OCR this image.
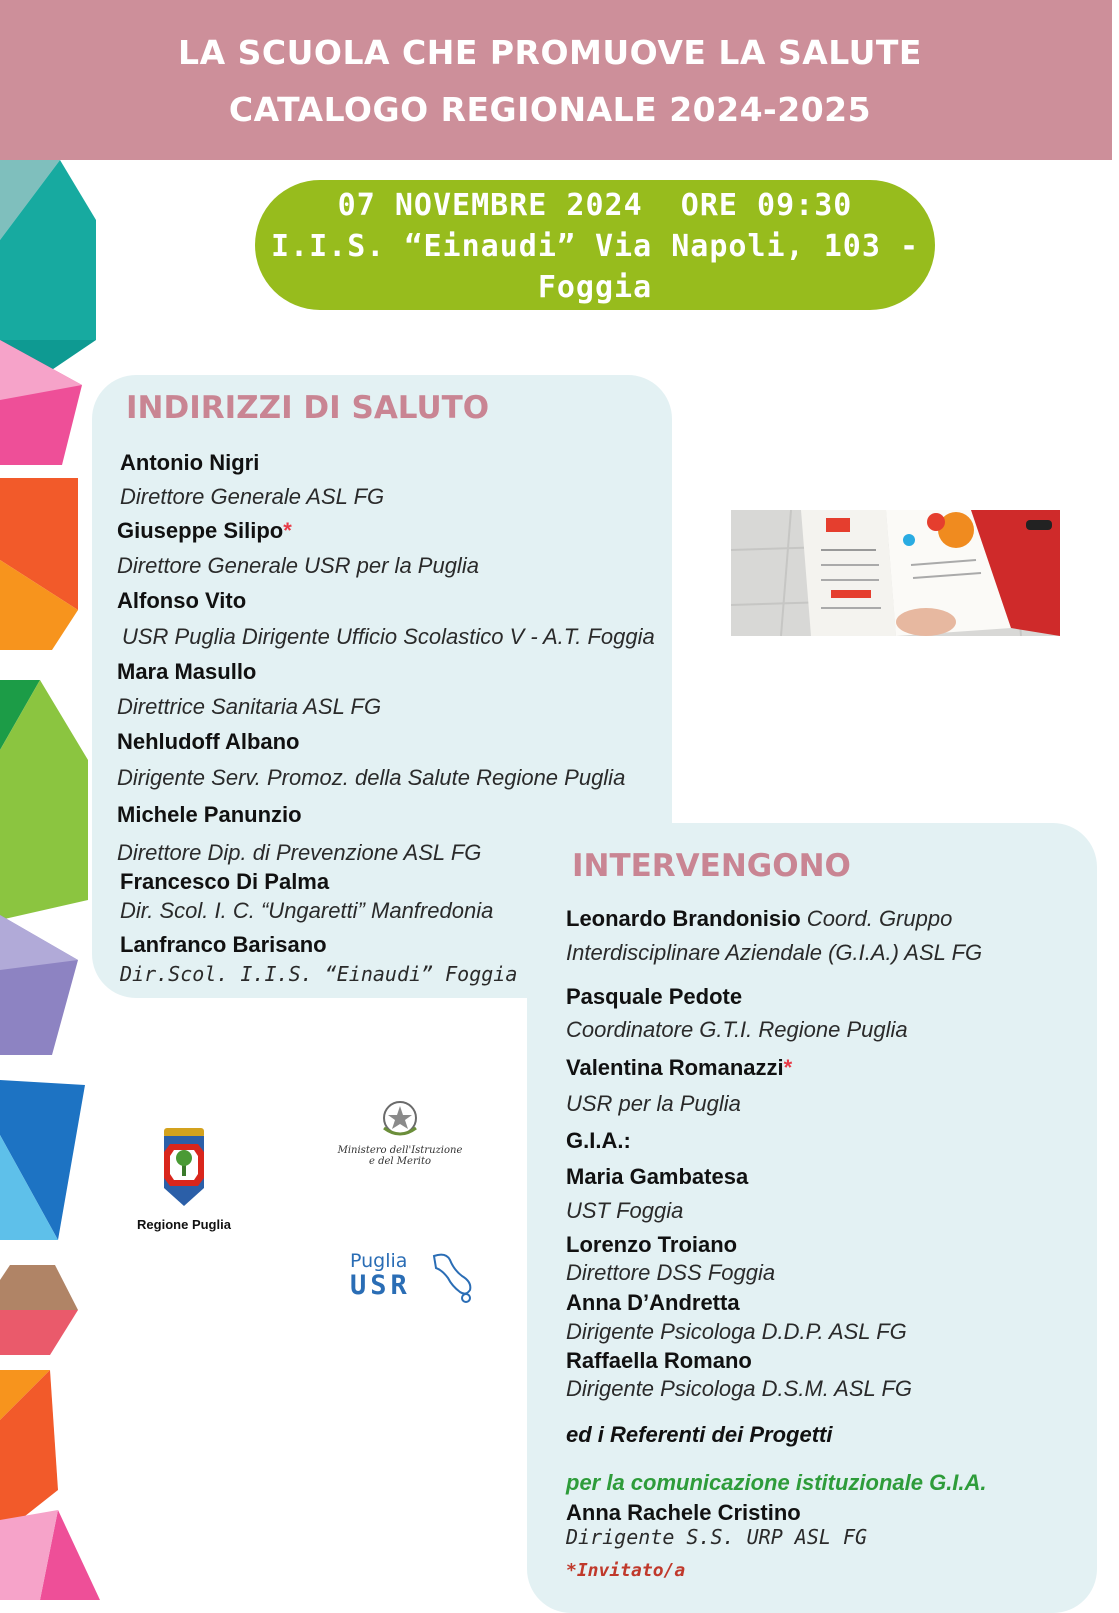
LA SCUOLA CHE PROMUOVE LA SALUTE
CATALOGO REGIONALE 2024-2025
07 NOVEMBRE 2024  ORE 09:30
I.I.S. “Einaudi” Via Napoli, 103 -
Foggia
INDIRIZZI DI SALUTO
Antonio Nigri
Direttore Generale ASL FG
Giuseppe Silipo*
Direttore Generale USR per la Puglia
Alfonso Vito
USR Puglia Dirigente Ufficio Scolastico V - A.T. Foggia
Mara Masullo
Direttrice Sanitaria ASL FG
Nehludoff Albano
Dirigente Serv. Promoz. della Salute Regione Puglia
Michele Panunzio
Direttore Dip. di Prevenzione ASL FG
Francesco Di Palma
Dir. Scol. I. C. “Ungaretti” Manfredonia
Lanfranco Barisano
Dir.Scol. I.I.S. “Einaudi” Foggia
INTERVENGONO
Leonardo Brandonisio Coord. Gruppo
Interdisciplinare Aziendale (G.I.A.) ASL FG
Pasquale Pedote
Coordinatore G.T.I. Regione Puglia
Valentina Romanazzi*
USR per la Puglia
G.I.A.:
Maria Gambatesa
UST Foggia
Lorenzo Troiano
Direttore DSS Foggia
Anna D’Andretta
Dirigente Psicologa D.D.P. ASL FG
Raffaella Romano
Dirigente Psicologa D.S.M. ASL FG
ed i Referenti dei Progetti
per la comunicazione istituzionale G.I.A.
Anna Rachele Cristino
Dirigente S.S. URP ASL FG
*Invitato/a
Regione Puglia
Ministero dell'Istruzione
e del Merito
Puglia
USR
